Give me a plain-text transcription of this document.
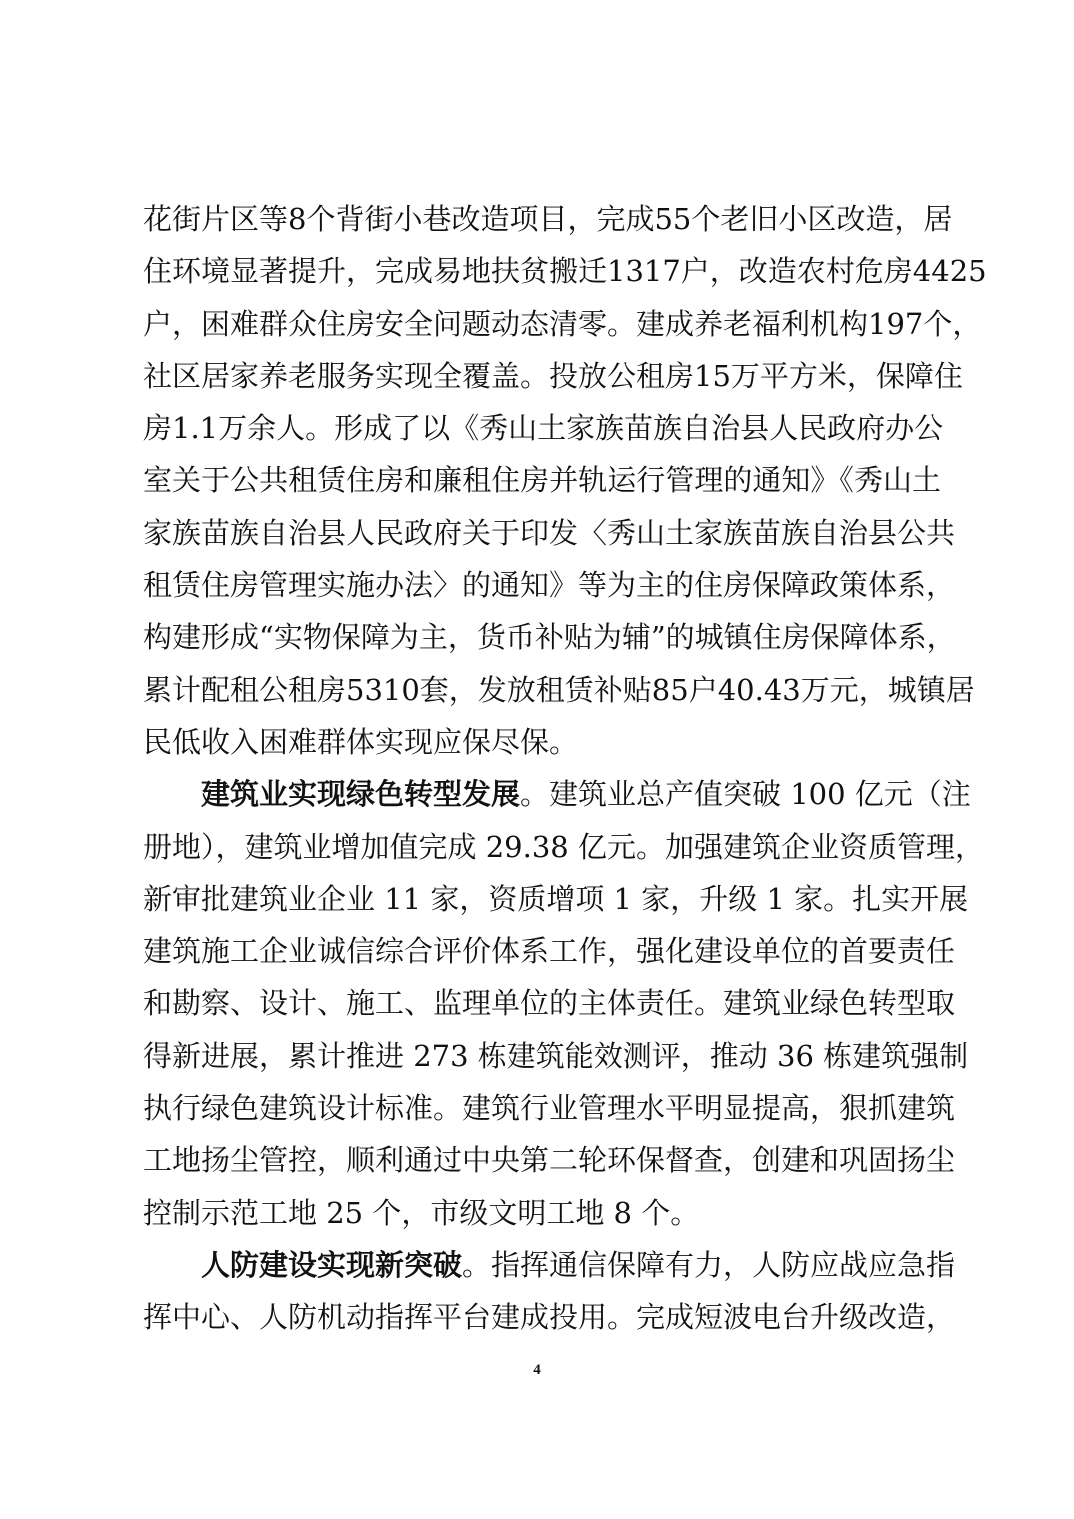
花街片区等8个背街小巷改造项目，完成55个老旧小区改造，居
住环境显著提升，完成易地扶贫搬迁1317户，改造农村危房4425
户，困难群众住房安全问题动态清零。建成养老福利机构197个，
社区居家养老服务实现全覆盖。投放公租房15万平方米，保障住
房1.1万余人。形成了以《秀山土家族苗族自治县人民政府办公
室关于公共租赁住房和廉租住房并轨运行管理的通知》《秀山土
家族苗族自治县人民政府关于印发〈秀山土家族苗族自治县公共
租赁住房管理实施办法〉的通知》等为主的住房保障政策体系，
构建形成“实物保障为主，货币补贴为辅”的城镇住房保障体系，
累计配租公租房5310套，发放租赁补贴85户40.43万元，城镇居
民低收入困难群体实现应保尽保。
建筑业实现绿色转型发展。建筑业总产值突破 100 亿元（注
册地），建筑业增加值完成 29.38 亿元。加强建筑企业资质管理，
新审批建筑业企业 11 家，资质增项 1 家，升级 1 家。扎实开展
建筑施工企业诚信综合评价体系工作，强化建设单位的首要责任
和勘察、设计、施工、监理单位的主体责任。建筑业绿色转型取
得新进展，累计推进 273 栋建筑能效测评，推动 36 栋建筑强制
执行绿色建筑设计标准。建筑行业管理水平明显提高，狠抓建筑
工地扬尘管控，顺利通过中央第二轮环保督查，创建和巩固扬尘
控制示范工地 25 个，市级文明工地 8 个。
人防建设实现新突破。指挥通信保障有力，人防应战应急指
挥中心、人防机动指挥平台建成投用。完成短波电台升级改造，
4
